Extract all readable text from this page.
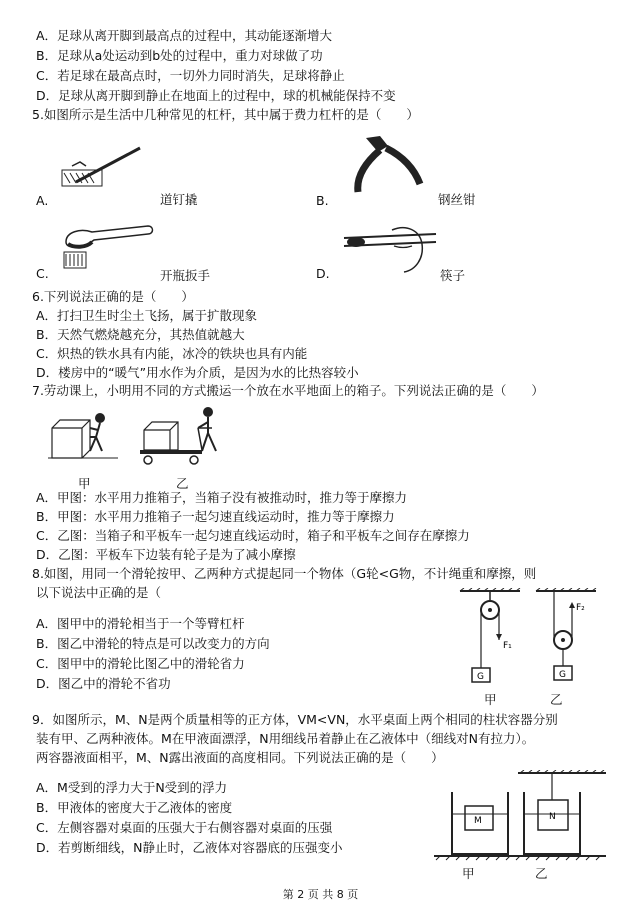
A．足球从离开脚到最高点的过程中，其动能逐渐增大
B．足球从a处运动到b处的过程中，重力对球做了功
C．若足球在最高点时，一切外力同时消失，足球将静止
D．足球从离开脚到静止在地面上的过程中，球的机械能保持不变
5.如图所示是生活中几种常见的杠杆，其中属于费力杠杆的是（　　）
A.	道钉撬	B.	钢丝钳
C.	开瓶扳手	D.	筷子
6.下列说法正确的是（　　）
A．打扫卫生时尘土飞扬，属于扩散现象
B．天然气燃烧越充分，其热值就越大
C．炽热的铁水具有内能，冰冷的铁块也具有内能
D．楼房中的“暖气”用水作为介质，是因为水的比热容较小
7.劳动课上，小明用不同的方式搬运一个放在水平地面上的箱子。下列说法正确的是（　　）
甲	乙
A．甲图：水平用力推箱子，当箱子没有被推动时，推力等于摩擦力
B．甲图：水平用力推箱子一起匀速直线运动时，推力等于摩擦力
C．乙图：当箱子和平板车一起匀速直线运动时，箱子和平板车之间存在摩擦力
D．乙图：平板车下边装有轮子是为了减小摩擦
8.如图，用同一个滑轮按甲、乙两种方式提起同一个物体（G轮<G物，不计绳重和摩擦，则
以下说法中正确的是（
A．图甲中的滑轮相当于一个等臂杠杆
B．图乙中滑轮的特点是可以改变力的方向
C．图甲中的滑轮比图乙中的滑轮省力
D．图乙中的滑轮不省功
F₁
G
F₂
G
甲	乙
9．如图所示，M、N是两个质量相等的正方体，VM<VN，水平桌面上两个相同的柱状容器分别
装有甲、乙两种液体。M在甲液面漂浮，N用细线吊着静止在乙液体中（细线对N有拉力）。
两容器液面相平，M、N露出液面的高度相同。下列说法正确的是（　　）
A．M受到的浮力大于N受到的浮力
B．甲液体的密度大于乙液体的密度
C．左侧容器对桌面的压强大于右侧容器对桌面的压强
D．若剪断细线，N静止时，乙液体对容器底的压强变小
M	N
甲	乙
第 2 页 共 8 页
